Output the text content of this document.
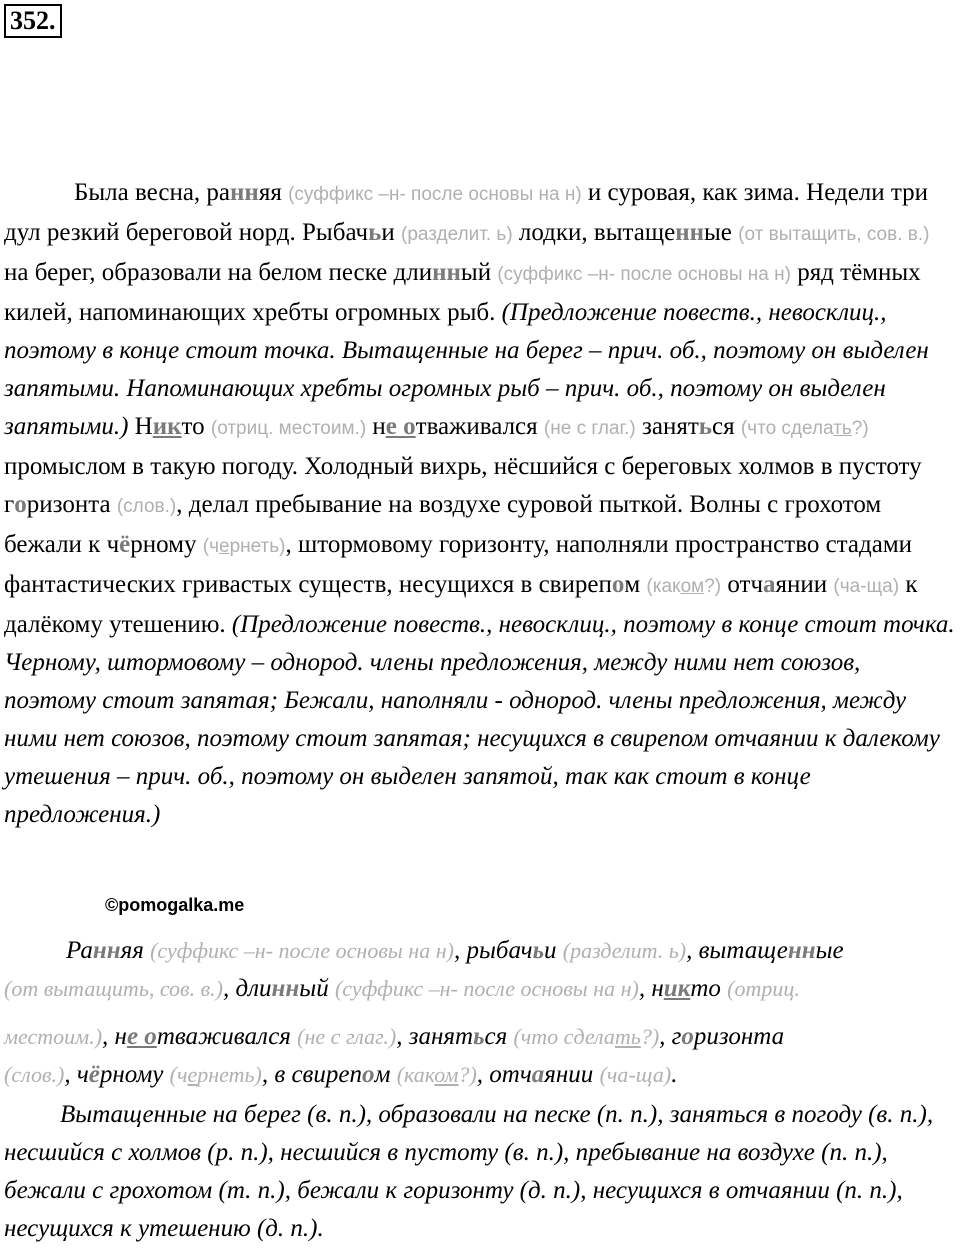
352.

Была весна, ранняя (суффикс –н- после основы на н) и суровая, как зима. Недели три дул резкий береговой норд. Рыбачьи (разделит. ь) лодки, вытащенные (от вытащить, сов. в.) на берег, образовали на белом песке длинный (суффикс –н- после основы на н) ряд тёмных килей, напоминающих хребты огромных рыб. (Предложение повеств., невосклиц., поэтому в конце стоит точка. Вытащенные на берег – прич. об., поэтому он выделен запятыми. Напоминающих хребты огромных рыб – прич. об., поэтому он выделен запятыми.) Никто (отриц. местоим.) не отваживался (не с глаг.) заняться (что сделать?) промыслом в такую погоду. Холодный вихрь, нёсшийся с береговых холмов в пустоту горизонта (слов.), делал пребывание на воздухе суровой пыткой. Волны с грохотом бежали к чёрному (чернеть), штормовому горизонту, наполняли пространство стадами фантастических гривастых существ, несущихся в свирепом (каком?) отчаянии (ча-ща) к далёкому утешению. (Предложение повеств., невосклиц., поэтому в конце стоит точка. Черному, штормовому – однород. члены предложения, между ними нет союзов, поэтому стоит запятая; Бежали, наполняли - однород. члены предложения, между ними нет союзов, поэтому стоит запятая; несущихся в свирепом отчаянии к далекому утешения – прич. об., поэтому он выделен запятой, так как стоит в конце предложения.)

©pomogalka.me
Ранняя (суффикс –н- после основы на н), рыбачьи (разделит. ь), вытащенные
(от вытащить, сов. в.), длинный (суффикс –н- после основы на н), никто (отриц.
местоим.), не отваживался (не с глаг.), заняться (что сделать?), горизонта
(слов.), чёрному (чернеть), в свирепом (каком?), отчаянии (ча-ща).

Вытащенные на берег (в. п.), образовали на песке (п. п.), заняться в погоду (в. п.), несшийся с холмов (р. п.), несшийся в пустоту (в. п.), пребывание на воздухе (п. п.), бежали с грохотом (т. п.), бежали к горизонту (д. п.), несущихся в отчаянии (п. п.), несущихся к утешению (д. п.).
